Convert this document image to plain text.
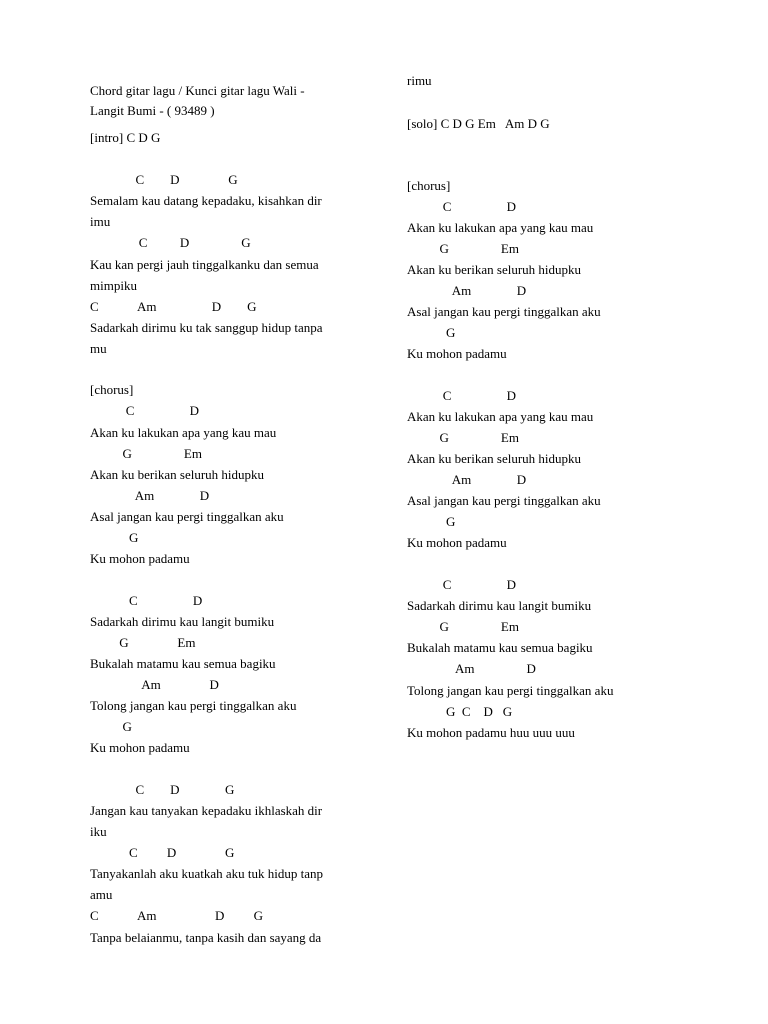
Chord gitar lagu / Kunci gitar lagu Wali -
Langit Bumi - ( 93489 )
[intro] C D G
C        D               G
Semalam kau datang kepadaku, kisahkan dir
imu
C          D                G
Kau kan pergi jauh tinggalkanku dan semua
mimpiku
C            Am                 D        G
Sadarkah dirimu ku tak sanggup hidup tanpa
mu
[chorus]
C                 D
Akan ku lakukan apa yang kau mau
G                Em
Akan ku berikan seluruh hidupku
Am              D
Asal jangan kau pergi tinggalkan aku
G
Ku mohon padamu
C                 D
Sadarkah dirimu kau langit bumiku
G               Em
Bukalah matamu kau semua bagiku
Am               D
Tolong jangan kau pergi tinggalkan aku
G
Ku mohon padamu
C        D              G
Jangan kau tanyakan kepadaku ikhlaskah dir
iku
C         D               G
Tanyakanlah aku kuatkah aku tuk hidup tanp
amu
C            Am                  D         G
Tanpa belaianmu, tanpa kasih dan sayang da
rimu
[solo] C D G Em   Am D G
[chorus]
C                 D
Akan ku lakukan apa yang kau mau
G                Em
Akan ku berikan seluruh hidupku
Am              D
Asal jangan kau pergi tinggalkan aku
G
Ku mohon padamu
C                 D
Akan ku lakukan apa yang kau mau
G                Em
Akan ku berikan seluruh hidupku
Am              D
Asal jangan kau pergi tinggalkan aku
G
Ku mohon padamu
C                 D
Sadarkah dirimu kau langit bumiku
G                Em
Bukalah matamu kau semua bagiku
Am                D
Tolong jangan kau pergi tinggalkan aku
G  C    D   G
Ku mohon padamu huu uuu uuu
